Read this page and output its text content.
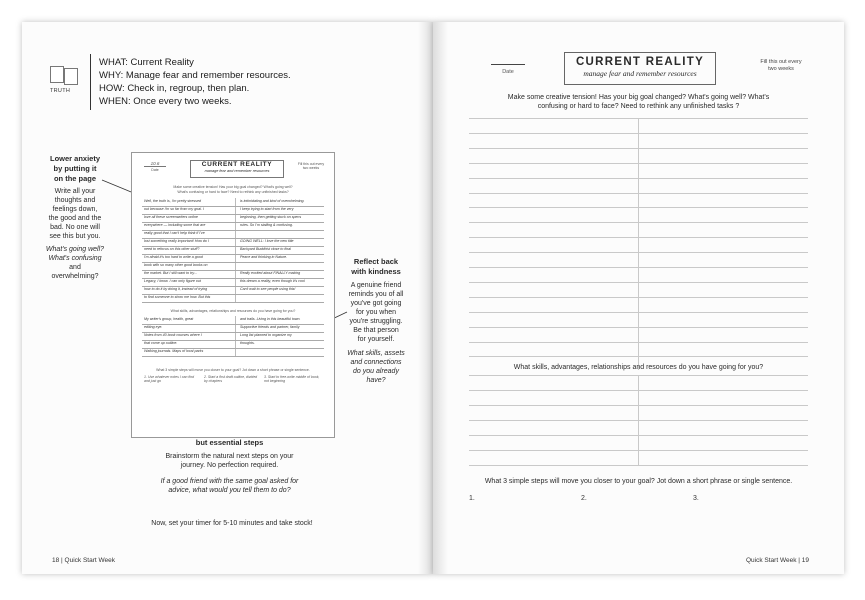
TRUTH
WHAT: Current Reality
WHY: Manage fear and remember resources.
HOW: Check in, regroup, then plan.
WHEN: Once every two weeks.
Lower anxiety
by putting it
on the page
Write all your
thoughts and
feelings down,
the good and the
bad. No one will
see this but you.
What's going well?
What's confusing
and
overwhelming?
Reflect back
with kindness
A genuine friend
reminds you of all
you've got going
for you when
you're struggling.
Be that person
for yourself.
What skills, assets
and connections
do you already
have?

but essential steps
Brainstorm the natural next steps on your
journey. No perfection required.
If a good friend with the same goal asked for
advice, what would you tell them to do?
Now, set your timer for 5-10 minutes and take stock!
18 | Quick Start Week
10.6
Date
CURRENT REALITY
manage fear and remember resources
Fill this out every two weeks
Make some creative tension! Has your big goal changed? What's going well?
What's confusing or hard to face? Need to rethink any unfinished tasks?
Well, the truth is, I'm pretty stressed	is intimidating and kind of overwhelming.
out because I'm so far from my goal. I	I keep trying to start from the very
love all these screenwriters online	beginning, then getting stuck on specs
everywhere — including some that are	rules. So I'm stalling & confusing.
really good that I can't help think if I've
lost something really important! How do I	GOING WELL: I love the new title
need to refocus on this other stuff?	Backyard Buddhist close to final
I'm afraid it's too hard to write a good	Peace and thinking in Nature.
book with so many other good books on
the market. But I still want to try...	Really excited about FINALLY making
Legacy, I know. I can only figure out	this dream a reality, even though it's cool
how to do it by doing it, instead of trying	Can't wait to see people using this!
to find someone to show me how. But this
What skills, advantages, relationships and resources do you have going for you?
My writer's group, health, great	and trails. Living in this beautiful town.
editing eye.	Supportive friends and partner, family
Notes from 40 book courses where I	Long list planned to organize my
that come up outline.	thoughts.
Walking journals. Maps of local parks
What 3 simple steps will move you closer to your goal? Jot down a short phrase or single sentence.
1. Use whatever notes I can find and just go
2. Start a first draft outline, divided by chapters
3. Start to free-write middle of book, not beginning
Date
CURRENT REALITY
manage fear and remember resources
Fill this out every
two weeks
Make some creative tension! Has your big goal changed? What's going well? What's
confusing or hard to face? Need to rethink any unfinished tasks ?
What skills, advantages, relationships and resources do you have going for you?
What 3 simple steps will move you closer to your goal? Jot down a short phrase or single sentence.
1.	2.	3.
Quick Start Week | 19
